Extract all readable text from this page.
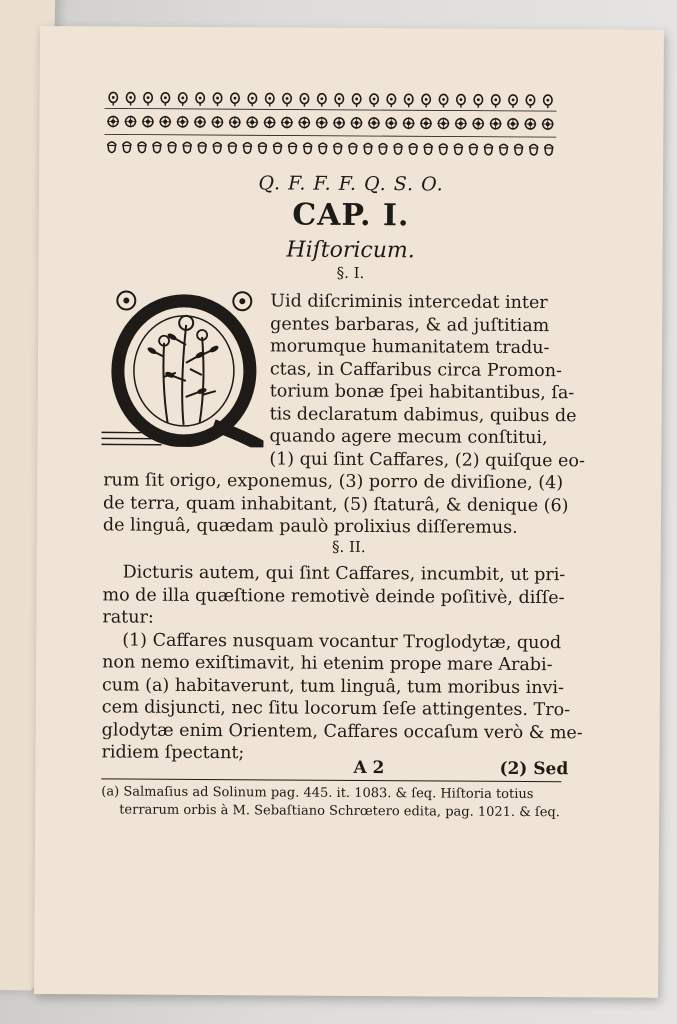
Q. F. F. F. Q. S. O.
CAP. I.
Hiſtoricum.
§. I.
Uid diſcriminis intercedat inter
gentes barbaras, & ad juſtitiam
morumque humanitatem tradu-
ctas, in Caffaribus circa Promon-
torium bonæ ſpei habitantibus, ſa-
tis declaratum dabimus, quibus de
quando agere mecum conſtitui,
(1) qui ſint Caffares, (2) quiſque eo-
rum ſit origo, exponemus, (3) porro de diviſione, (4)
de terra, quam inhabitant, (5) ſtaturâ, & denique (6)
de linguâ, quædam paulò prolixius diſſeremus.
§. II.
Dicturis autem, qui ſint Caffares, incumbit, ut pri-
mo de illa quæſtione remotivè deinde poſitivè, diſſe-
ratur:
(1) Caffares nusquam vocantur Troglodytæ, quod
non nemo exiſtimavit, hi etenim prope mare Arabi-
cum (a) habitaverunt, tum linguâ, tum moribus invi-
cem disjuncti, nec ſitu locorum ſeſe attingentes. Tro-
glodytæ enim Orientem, Caffares occaſum verò & me-
ridiem ſpectant;
A 2	(2) Sed
(a) Salmaſius ad Solinum pag. 445. it. 1083. & ſeq. Hiſtoria totius
terrarum orbis à M. Sebaſtiano Schrœtero edita, pag. 1021. & ſeq.
